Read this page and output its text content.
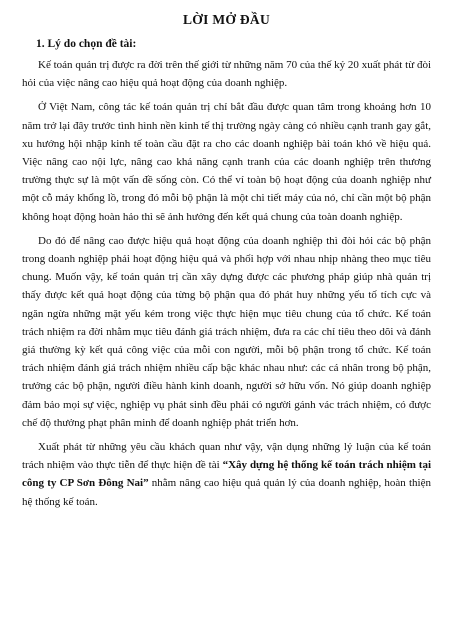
LỜI MỞ ĐẦU
1. Lý do chọn đề tài:

Kế toán quản trị được ra đời trên thế giới từ những năm 70 của thế kỷ 20 xuất phát từ đòi hỏi của việc nâng cao hiệu quả hoạt động của doanh nghiệp.

Ở Việt Nam, công tác kế toán quản trị chỉ bắt đầu được quan tâm trong khoảng hơn 10 năm trở lại đây trước tình hình nền kinh tế thị trường ngày càng có nhiều cạnh tranh gay gắt, xu hướng hội nhập kinh tế toàn cầu đặt ra cho các doanh nghiệp bài toán khó về hiệu quả. Việc nâng cao nội lực, nâng cao khả năng cạnh tranh của các doanh nghiệp trên thương trường thực sự là một vấn đề sống còn. Có thể ví toàn bộ hoạt động của doanh nghiệp như một cỗ máy khổng lồ, trong đó mỗi bộ phận là một chi tiết máy của nó, chỉ cần một bộ phận không hoạt động hoàn hảo thì sẽ ảnh hưởng đến kết quả chung của toàn doanh nghiệp.

Do đó để nâng cao được hiệu quả hoạt động của doanh nghiệp thì đòi hỏi các bộ phận trong doanh nghiệp phải hoạt động hiệu quả và phối hợp với nhau nhịp nhàng theo mục tiêu chung. Muốn vậy, kế toán quản trị cần xây dựng được các phương pháp giúp nhà quản trị thấy được kết quả hoạt động của từng bộ phận qua đó phát huy những yếu tố tích cực và ngăn ngừa những mặt yếu kém trong việc thực hiện mục tiêu chung của tổ chức. Kế toán trách nhiệm ra đời nhằm mục tiêu đánh giá trách nhiệm, đưa ra các chỉ tiêu theo dõi và đánh giá thường kỳ kết quả công việc của mỗi con người, mỗi bộ phận trong tổ chức. Kế toán trách nhiệm đánh giá trách nhiệm nhiều cấp bậc khác nhau như: các cá nhân trong bộ phận, trưởng các bộ phận, người điều hành kinh doanh, người sở hữu vốn. Nó giúp doanh nghiệp đảm bảo mọi sự việc, nghiệp vụ phát sinh đều phải có người gánh vác trách nhiệm, có được chế độ thưởng phạt phân minh để doanh nghiệp phát triển hơn.

Xuất phát từ những yêu cầu khách quan như vậy, vận dụng những lý luận của kế toán trách nhiệm vào thực tiễn để thực hiện đề tài “Xây dựng hệ thống kế toán trách nhiệm tại công ty CP Sơn Đông Nai” nhằm nâng cao hiệu quả quản lý của doanh nghiệp, hoàn thiện hệ thống kế toán.
